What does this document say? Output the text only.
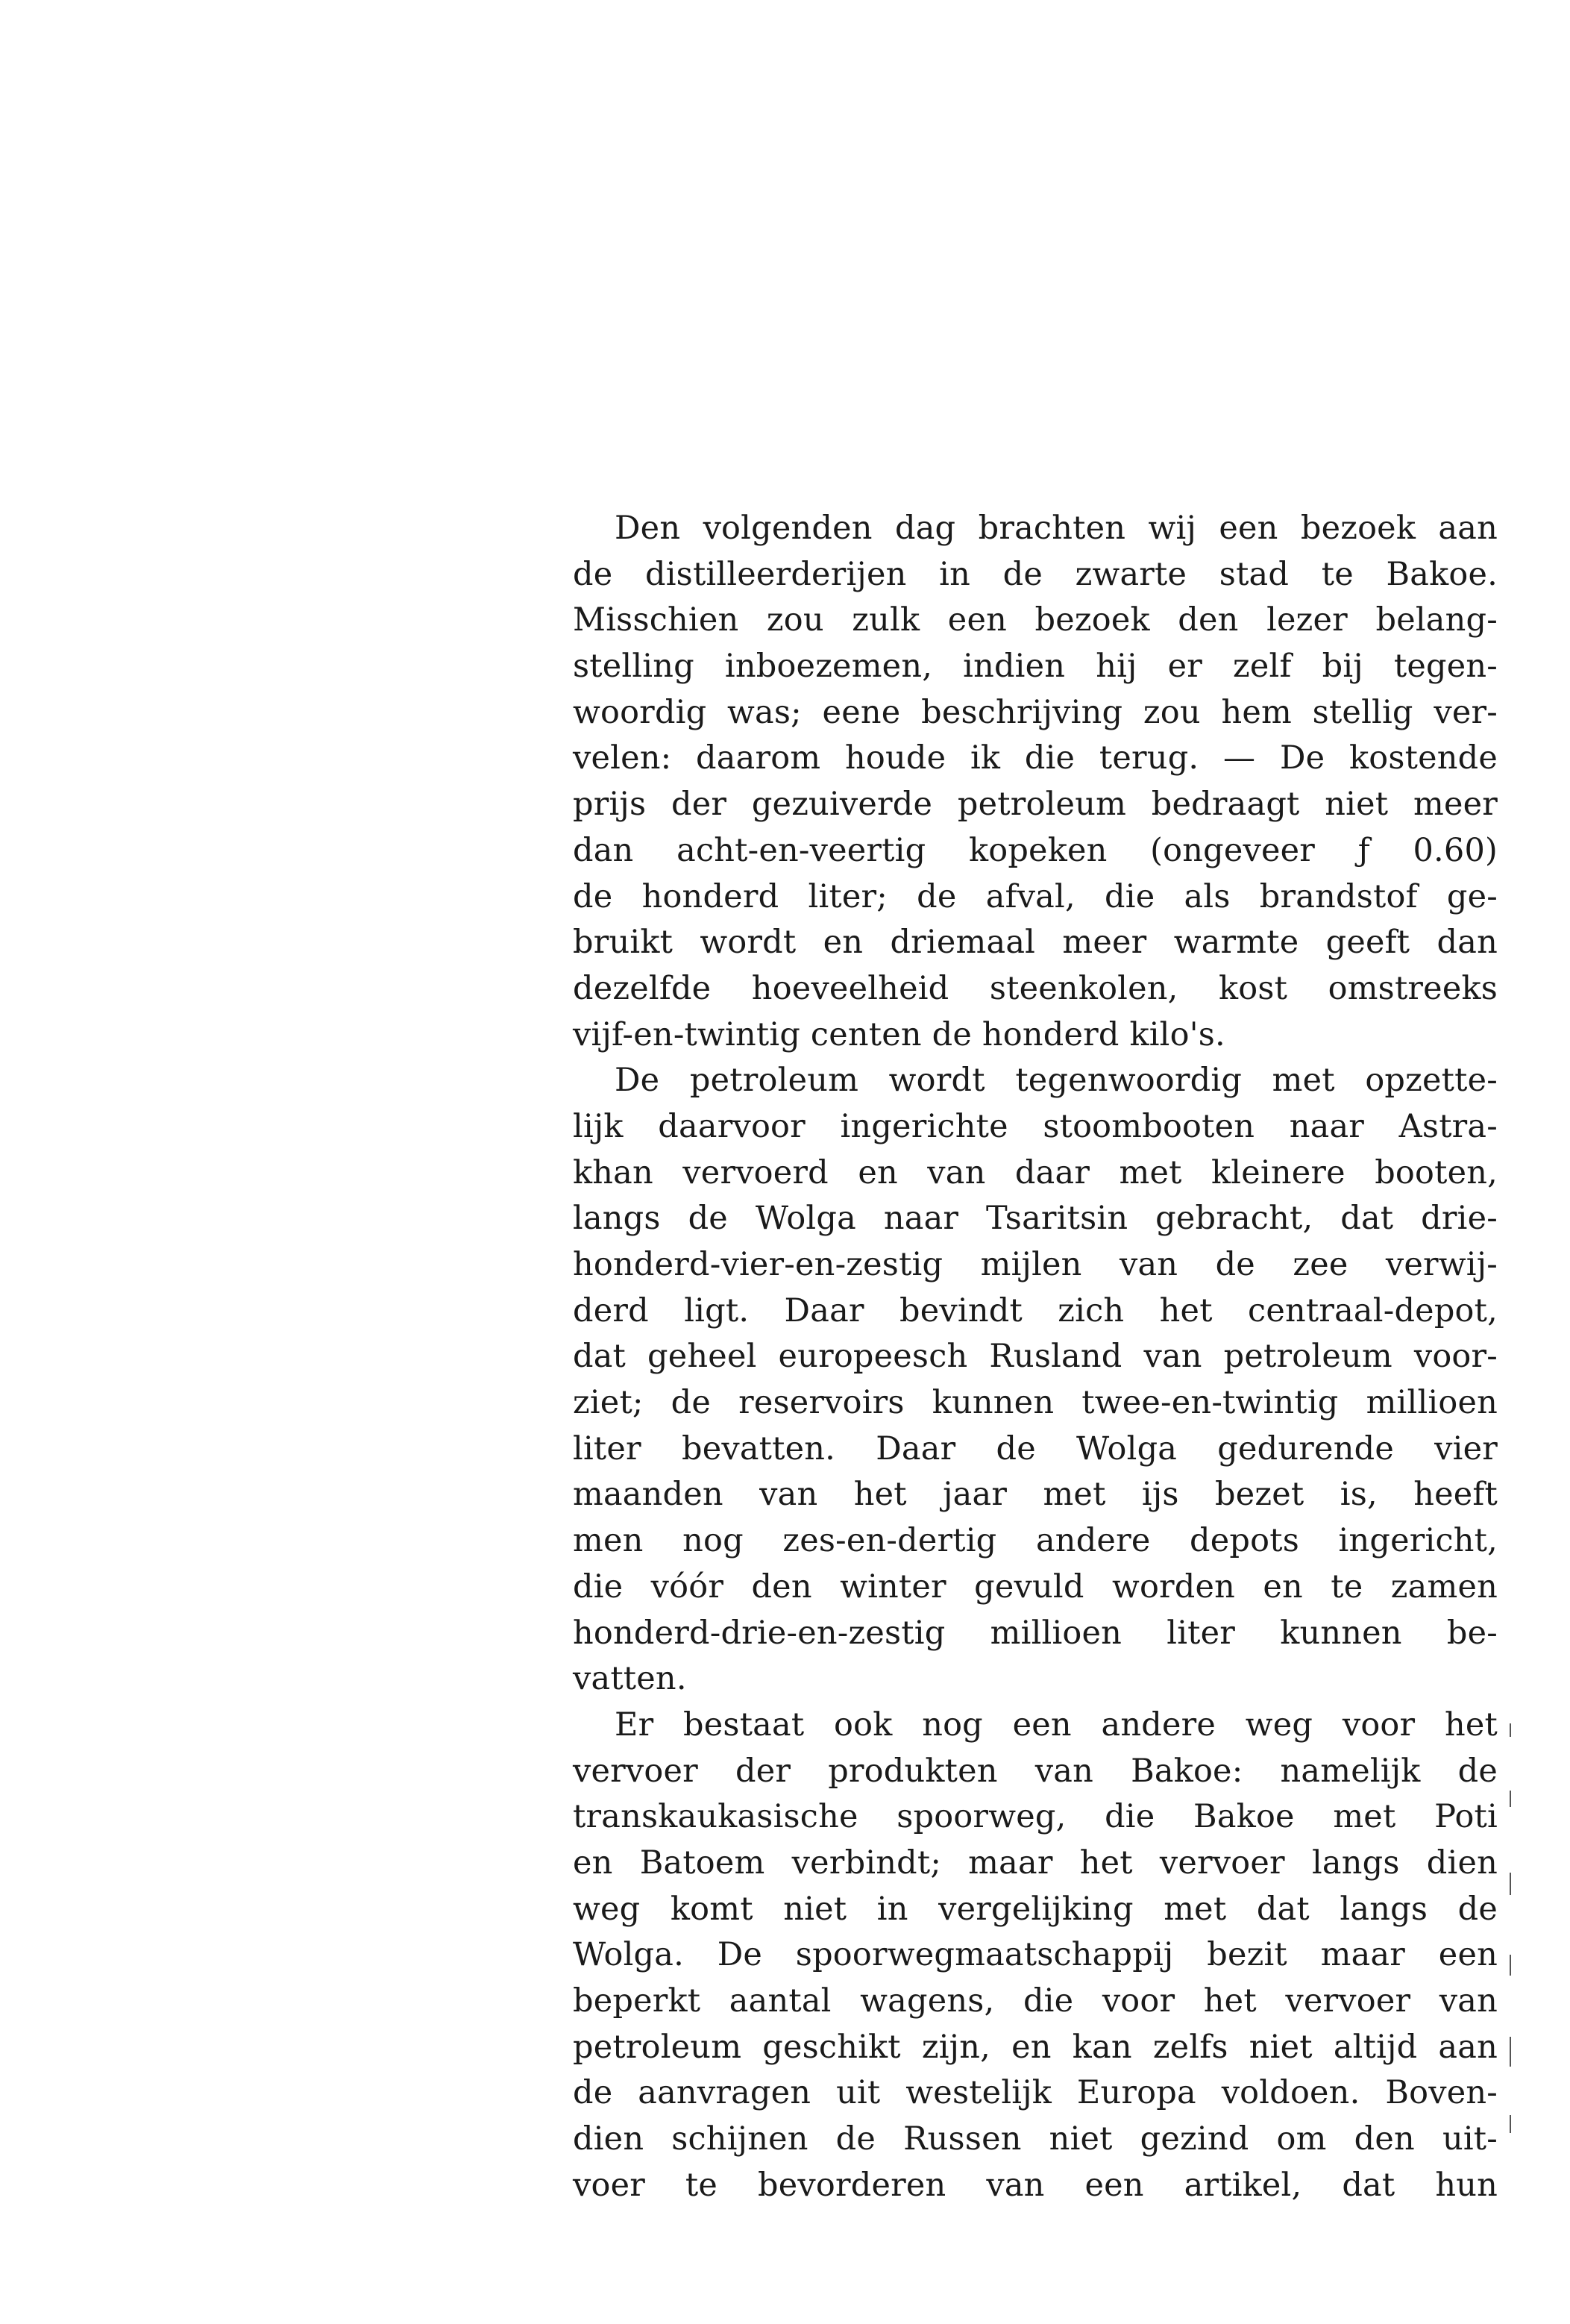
Den volgenden dag brachten wij een bezoek aan
de distilleerderijen in de zwarte stad te Bakoe.
Misschien zou zulk een bezoek den lezer belang-
stelling inboezemen, indien hij er zelf bij tegen-
woordig was; eene beschrijving zou hem stellig ver-
velen: daarom houde ik die terug. — De kostende
prijs der gezuiverde petroleum bedraagt niet meer
dan acht-en-veertig kopeken (ongeveer ƒ 0.60)
de honderd liter; de afval, die als brandstof ge-
bruikt wordt en driemaal meer warmte geeft dan
dezelfde hoeveelheid steenkolen, kost omstreeks
vijf-en-twintig centen de honderd kilo's.
De petroleum wordt tegenwoordig met opzette-
lijk daarvoor ingerichte stoombooten naar Astra-
khan vervoerd en van daar met kleinere booten,
langs de Wolga naar Tsaritsin gebracht, dat drie-
honderd-vier-en-zestig mijlen van de zee verwij-
derd ligt. Daar bevindt zich het centraal-depot,
dat geheel europeesch Rusland van petroleum voor-
ziet; de reservoirs kunnen twee-en-twintig millioen
liter bevatten. Daar de Wolga gedurende vier
maanden van het jaar met ijs bezet is, heeft
men nog zes-en-dertig andere depots ingericht,
die vóór den winter gevuld worden en te zamen
honderd-drie-en-zestig millioen liter kunnen be-
vatten.
Er bestaat ook nog een andere weg voor het
vervoer der produkten van Bakoe: namelijk de
transkaukasische spoorweg, die Bakoe met Poti
en Batoem verbindt; maar het vervoer langs dien
weg komt niet in vergelijking met dat langs de
Wolga. De spoorwegmaatschappij bezit maar een
beperkt aantal wagens, die voor het vervoer van
petroleum geschikt zijn, en kan zelfs niet altijd aan
de aanvragen uit westelijk Europa voldoen. Boven-
dien schijnen de Russen niet gezind om den uit-
voer te bevorderen van een artikel, dat hun
